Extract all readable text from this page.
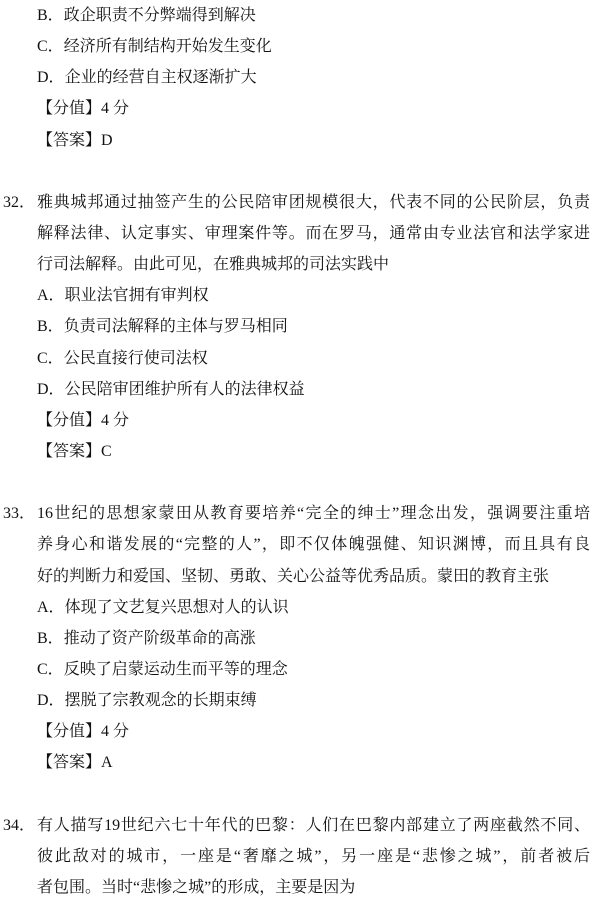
B．政企职责不分弊端得到解决
C．经济所有制结构开始发生变化
D．企业的经营自主权逐渐扩大
【分值】4 分
【答案】D
32． 雅典城邦通过抽签产生的公民陪审团规模很大，代表不同的公民阶层，负责
解释法律、认定事实、审理案件等。而在罗马，通常由专业法官和法学家进
行司法解释。由此可见，在雅典城邦的司法实践中
A．职业法官拥有审判权
B．负责司法解释的主体与罗马相同
C．公民直接行使司法权
D．公民陪审团维护所有人的法律权益
【分值】4 分
【答案】C
33． 16世纪的思想家蒙田从教育要培养“完全的绅士”理念出发，强调要注重培
养身心和谐发展的“完整的人”，即不仅体魄强健、知识渊博，而且具有良
好的判断力和爱国、坚韧、勇敢、关心公益等优秀品质。蒙田的教育主张
A．体现了文艺复兴思想对人的认识
B．推动了资产阶级革命的高涨
C．反映了启蒙运动生而平等的理念
D．摆脱了宗教观念的长期束缚
【分值】4 分
【答案】A
34． 有人描写19世纪六七十年代的巴黎：人们在巴黎内部建立了两座截然不同、
彼此敌对的城市，一座是“奢靡之城”，另一座是“悲惨之城”，前者被后
者包围。当时“悲惨之城”的形成，主要是因为
